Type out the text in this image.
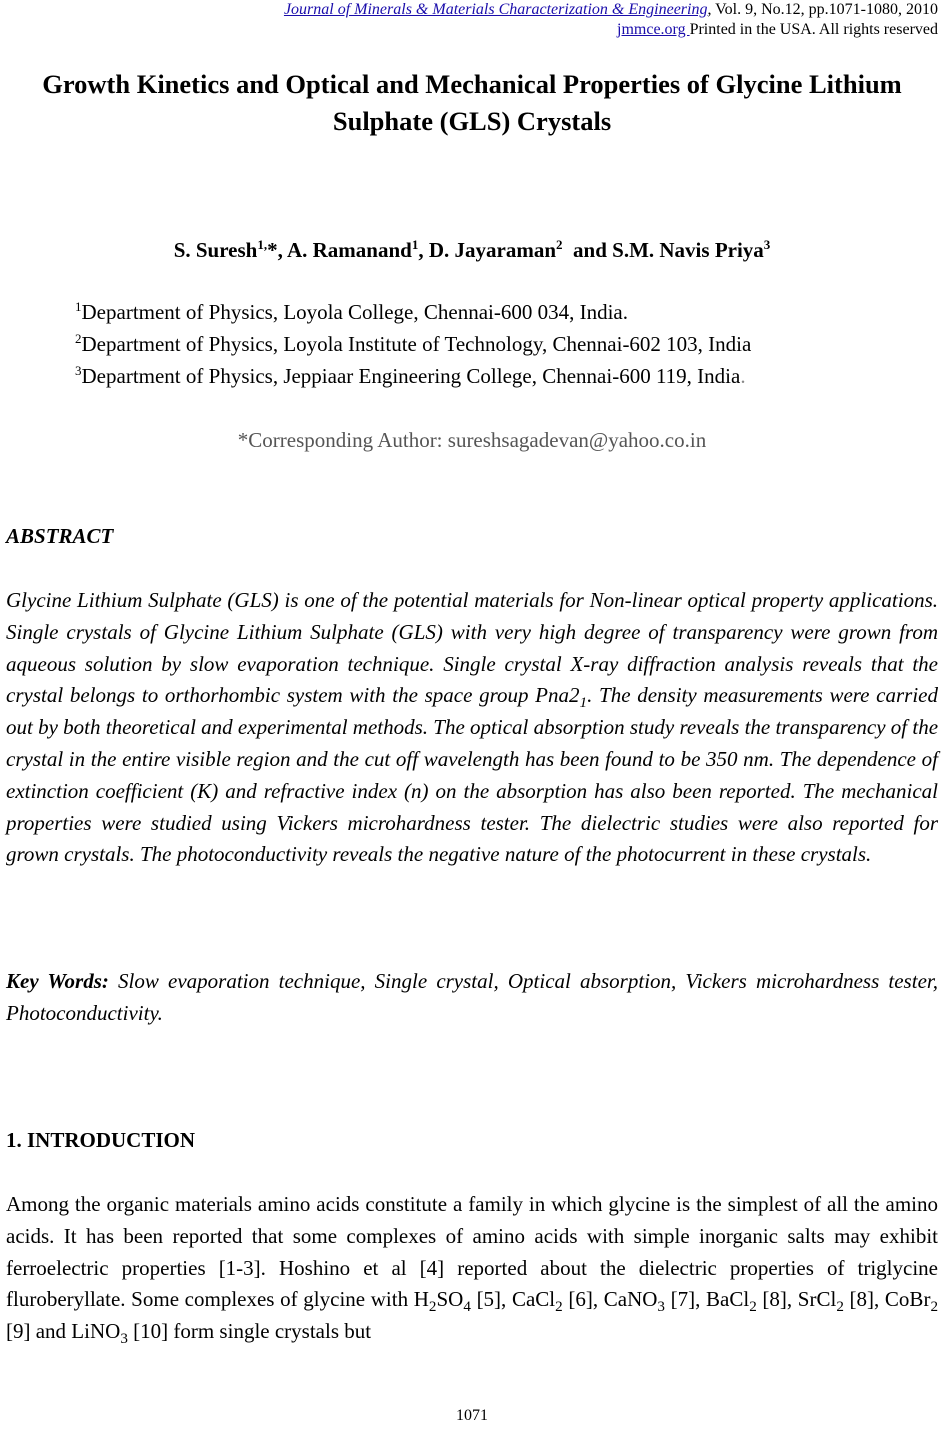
Journal of Minerals & Materials Characterization & Engineering, Vol. 9, No.12, pp.1071-1080, 2010
jmmce.org Printed in the USA. All rights reserved
Growth Kinetics and Optical and Mechanical Properties of Glycine Lithium Sulphate (GLS) Crystals
S. Suresh$^{1,}$*, A. Ramanand$^1$, D. Jayaraman$^2$  and S.M. Navis Priya$^3$
$^1$Department of Physics, Loyola College, Chennai-600 034, India.
$^2$Department of Physics, Loyola Institute of Technology, Chennai-602 103, India
$^3$Department of Physics, Jeppiaar Engineering College, Chennai-600 119, India.
*Corresponding Author: sureshsagadevan@yahoo.co.in
ABSTRACT
Glycine Lithium Sulphate (GLS) is one of the potential materials for Non-linear optical property applications. Single crystals of Glycine Lithium Sulphate (GLS) with very high degree of transparency were grown from aqueous solution by slow evaporation technique. Single crystal X-ray diffraction analysis reveals that the crystal belongs to orthorhombic system with the space group $Pna2_1$. The density measurements were carried out by both theoretical and experimental methods. The optical absorption study reveals the transparency of the crystal in the entire visible region and the cut off wavelength has been found to be 350 nm. The dependence of extinction coefficient (K) and refractive index (n) on the absorption has also been reported. The mechanical properties were studied using Vickers microhardness tester. The dielectric studies were also reported for grown crystals. The photoconductivity reveals the negative nature of the photocurrent in these crystals.
Key Words: Slow evaporation technique, Single crystal, Optical absorption, Vickers microhardness tester, Photoconductivity.
1. INTRODUCTION
Among the organic materials amino acids constitute a family in which glycine is the simplest of all the amino acids. It has been reported that some complexes of amino acids with simple inorganic salts may exhibit ferroelectric properties [1-3]. Hoshino et al [4] reported about the dielectric properties of triglycine fluroberyllate. Some complexes of glycine with $H_2SO_4$ [5], CaCl$_2$ [6], CaNO$_3$ [7], BaCl$_2$ [8], SrCl$_2$ [8], CoBr$_2$ [9] and LiNO$_3$ [10] form single crystals but
1071
